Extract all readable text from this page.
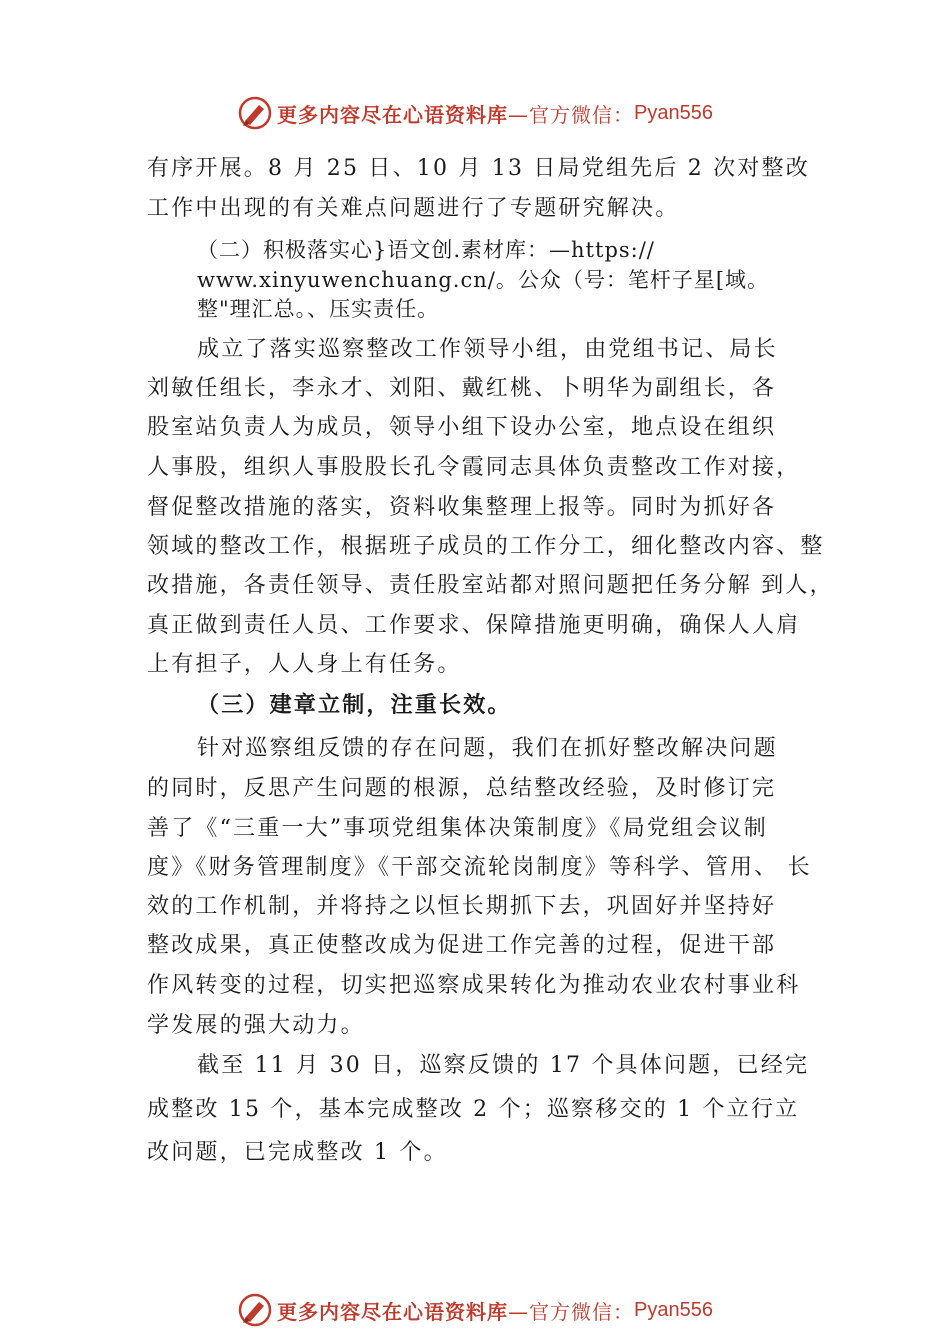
更多内容尽在心语资料库 —官方微信： Pyan556

有序开展。8 月 25 日、10 月 13 日局党组先后 2 次对整改

工作中出现的有关难点问题进行了专题研究解决。

（二）积极落实心}语文创.素材库：—https://

www.xinyuwenchuang.cn/。公众（号：笔杆子星[域。

整"理汇总。、压实责任。

成立了落实巡察整改工作领导小组，由党组书记、局长

刘敏任组长，李永才、刘阳、戴红桃、卜明华为副组长，各

股室站负责人为成员，领导小组下设办公室，地点设在组织

人事股，组织人事股股长孔令霞同志具体负责整改工作对接，

督促整改措施的落实，资料收集整理上报等。同时为抓好各

领域的整改工作，根据班子成员的工作分工，细化整改内容、整

改措施，各责任领导、责任股室站都对照问题把任务分解 到人，

真正做到责任人员、工作要求、保障措施更明确，确保人人肩

上有担子，人人身上有任务。

（三）建章立制，注重长效。

针对巡察组反馈的存在问题，我们在抓好整改解决问题

的同时，反思产生问题的根源，总结整改经验，及时修订完

善了《“三重一大”事项党组集体决策制度》《局党组会议制

度》《财务管理制度》《干部交流轮岗制度》等科学、管用、 长

效的工作机制，并将持之以恒长期抓下去，巩固好并坚持好

整改成果，真正使整改成为促进工作完善的过程，促进干部

作风转变的过程，切实把巡察成果转化为推动农业农村事业科

学发展的强大动力。

截至 11 月 30 日，巡察反馈的 17 个具体问题，已经完

成整改 15 个，基本完成整改 2 个；巡察移交的 1 个立行立

改问题，已完成整改 1 个。

更多内容尽在心语资料库 —官方微信： Pyan556
